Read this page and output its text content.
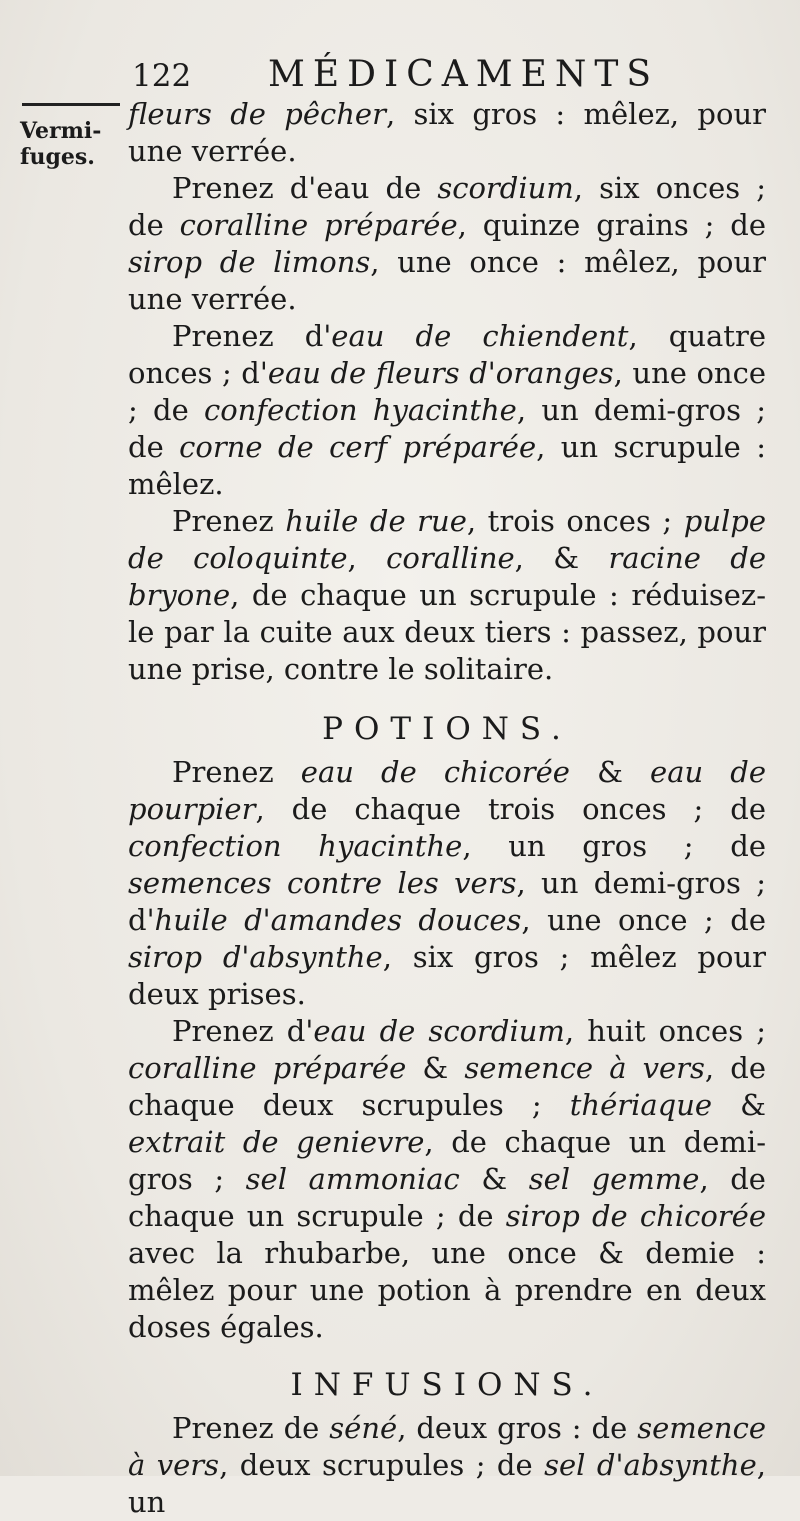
122 MÉDICAMENTS
Vermi-
fuges.

fleurs de pêcher, six gros : mêlez, pour une verrée.

Prenez d'eau de scordium, six onces ; de coralline préparée, quinze grains ; de sirop de limons, une once : mêlez, pour une verrée.

Prenez d'eau de chiendent, quatre onces ; d'eau de fleurs d'oranges, une once ; de confection hyacinthe, un demi-gros ; de corne de cerf préparée, un scrupule : mêlez.

Prenez huile de rue, trois onces ; pulpe de coloquinte, coralline, & racine de bryone, de chaque un scrupule : réduisez-le par la cuite aux deux tiers : passez, pour une prise, contre le solitaire.

POTIONS.

Prenez eau de chicorée & eau de pourpier, de chaque trois onces ; de confection hyacinthe, un gros ; de semences contre les vers, un demi-gros ; d'huile d'amandes douces, une once ; de sirop d'absynthe, six gros ; mêlez pour deux prises.

Prenez d'eau de scordium, huit onces ; coralline préparée & semence à vers, de chaque deux scrupules ; thériaque & extrait de genievre, de chaque un demi-gros ; sel ammoniac & sel gemme, de chaque un scrupule ; de sirop de chicorée avec la rhubarbe, une once & demie : mêlez pour une potion à prendre en deux doses égales.

INFUSIONS.

Prenez de séné, deux gros : de semence à vers, deux scrupules ; de sel d'absynthe, un
